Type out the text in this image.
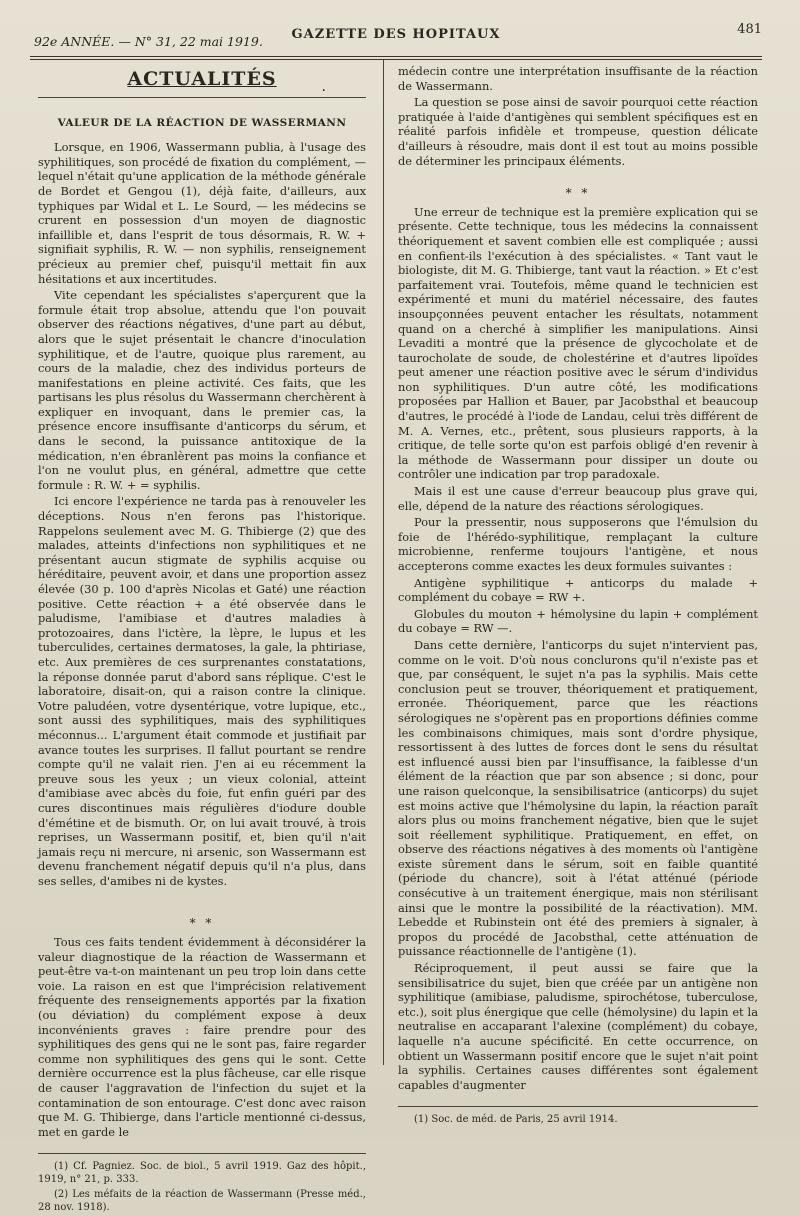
92e ANNÉE. — N° 31, 22 mai 1919.	GAZETTE DES HOPITAUX	481
ACTUALITÉS	.
VALEUR DE LA RÉACTION DE WASSERMANN

Lorsque, en 1906, Wassermann publia, à l'usage des syphilitiques, son procédé de fixation du complément, — lequel n'était qu'une application de la méthode générale de Bordet et Gengou (1), déjà faite, d'ailleurs, aux typhiques par Widal et L. Le Sourd, — les médecins se crurent en possession d'un moyen de diagnostic infaillible et, dans l'esprit de tous désormais, R. W. + signifiait syphilis, R. W. — non syphilis, renseignement précieux au premier chef, puisqu'il mettait fin aux hésitations et aux incertitudes.

Vite cependant les spécialistes s'aperçurent que la formule était trop absolue, attendu que l'on pouvait observer des réactions négatives, d'une part au début, alors que le sujet présentait le chancre d'inoculation syphilitique, et de l'autre, quoique plus rarement, au cours de la maladie, chez des individus porteurs de manifestations en pleine activité. Ces faits, que les partisans les plus résolus du Wassermann cherchèrent à expliquer en invoquant, dans le premier cas, la présence encore insuffisante d'anticorps du sérum, et dans le second, la puissance antitoxique de la médication, n'en ébranlèrent pas moins la confiance et l'on ne voulut plus, en général, admettre que cette formule : R. W. + = syphilis.

Ici encore l'expérience ne tarda pas à renouveler les déceptions. Nous n'en ferons pas l'historique. Rappelons seulement avec M. G. Thibierge (2) que des malades, atteints d'infections non syphilitiques et ne présentant aucun stigmate de syphilis acquise ou héréditaire, peuvent avoir, et dans une proportion assez élevée (30 p. 100 d'après Nicolas et Gaté) une réaction positive. Cette réaction + a été observée dans le paludisme, l'amibiase et d'autres maladies à protozoaires, dans l'ictère, la lèpre, le lupus et les tuberculides, certaines dermatoses, la gale, la phtiriase, etc. Aux premières de ces surprenantes constatations, la réponse donnée parut d'abord sans réplique. C'est le laboratoire, disait-on, qui a raison contre la clinique. Votre paludéen, votre dysentérique, votre lupique, etc., sont aussi des syphilitiques, mais des syphilitiques méconnus... L'argument était commode et justifiait par avance toutes les surprises. Il fallut pourtant se rendre compte qu'il ne valait rien. J'en ai eu récemment la preuve sous les yeux ; un vieux colonial, atteint d'amibiase avec abcès du foie, fut enfin guéri par des cures discontinues mais régulières d'iodure double d'émétine et de bismuth. Or, on lui avait trouvé, à trois reprises, un Wassermann positif, et, bien qu'il n'ait jamais reçu ni mercure, ni arsenic, son Wassermann est devenu franchement négatif depuis qu'il n'a plus, dans ses selles, d'amibes ni de kystes.

* *

Tous ces faits tendent évidemment à déconsidérer la valeur diagnostique de la réaction de Wassermann et peut-être va-t-on maintenant un peu trop loin dans cette voie. La raison en est que l'imprécision relativement fréquente des renseignements apportés par la fixation (ou déviation) du complément expose à deux inconvénients graves : faire prendre pour des syphilitiques des gens qui ne le sont pas, faire regarder comme non syphilitiques des gens qui le sont. Cette dernière occurrence est la plus fâcheuse, car elle risque de causer l'aggravation de l'infection du sujet et la contamination de son entourage. C'est donc avec raison que M. G. Thibierge, dans l'article mentionné ci-dessus, met en garde le

(1) Cf. Pagniez. Soc. de biol., 5 avril 1919. Gaz des hôpit., 1919, n° 21, p. 333.

(2) Les méfaits de la réaction de Wassermann (Presse méd., 28 nov. 1918).

médecin contre une interprétation insuffisante de la réaction de Wassermann.

La question se pose ainsi de savoir pourquoi cette réaction pratiquée à l'aide d'antigènes qui semblent spécifiques est en réalité parfois infidèle et trompeuse, question délicate d'ailleurs à résoudre, mais dont il est tout au moins possible de déterminer les principaux éléments.

* *

Une erreur de technique est la première explication qui se présente. Cette technique, tous les médecins la connaissent théoriquement et savent combien elle est compliquée ; aussi en confient-ils l'exécution à des spécialistes. « Tant vaut le biologiste, dit M. G. Thibierge, tant vaut la réaction. » Et c'est parfaitement vrai. Toutefois, même quand le technicien est expérimenté et muni du matériel nécessaire, des fautes insoupçonnées peuvent entacher les résultats, notamment quand on a cherché à simplifier les manipulations. Ainsi Levaditi a montré que la présence de glycocholate et de taurocholate de soude, de cholestérine et d'autres lipoïdes peut amener une réaction positive avec le sérum d'individus non syphilitiques. D'un autre côté, les modifications proposées par Hallion et Bauer, par Jacobsthal et beaucoup d'autres, le procédé à l'iode de Landau, celui très différent de M. A. Vernes, etc., prêtent, sous plusieurs rapports, à la critique, de telle sorte qu'on est parfois obligé d'en revenir à la méthode de Wassermann pour dissiper un doute ou contrôler une indication par trop paradoxale.

Mais il est une cause d'erreur beaucoup plus grave qui, elle, dépend de la nature des réactions sérologiques.

Pour la pressentir, nous supposerons que l'émulsion du foie de l'hérédo-syphilitique, remplaçant la culture microbienne, renferme toujours l'antigène, et nous accepterons comme exactes les deux formules suivantes :

Antigène syphilitique + anticorps du malade + complément du cobaye = RW +.

Globules du mouton + hémolysine du lapin + complément du cobaye = RW —.

Dans cette dernière, l'anticorps du sujet n'intervient pas, comme on le voit. D'où nous conclurons qu'il n'existe pas et que, par conséquent, le sujet n'a pas la syphilis. Mais cette conclusion peut se trouver, théoriquement et pratiquement, erronée. Théoriquement, parce que les réactions sérologiques ne s'opèrent pas en proportions définies comme les combinaisons chimiques, mais sont d'ordre physique, ressortissent à des luttes de forces dont le sens du résultat est influencé aussi bien par l'insuffisance, la faiblesse d'un élément de la réaction que par son absence ; si donc, pour une raison quelconque, la sensibilisatrice (anticorps) du sujet est moins active que l'hémolysine du lapin, la réaction paraît alors plus ou moins franchement négative, bien que le sujet soit réellement syphilitique. Pratiquement, en effet, on observe des réactions négatives à des moments où l'antigène existe sûrement dans le sérum, soit en faible quantité (période du chancre), soit à l'état atténué (période consécutive à un traitement énergique, mais non stérilisant ainsi que le montre la possibilité de la réactivation). MM. Lebedde et Rubinstein ont été des premiers à signaler, à propos du procédé de Jacobsthal, cette atténuation de puissance réactionnelle de l'antigène (1).

Réciproquement, il peut aussi se faire que la sensibilisatrice du sujet, bien que créée par un antigène non syphilitique (amibiase, paludisme, spirochétose, tuberculose, etc.), soit plus énergique que celle (hémolysine) du lapin et la neutralise en accaparant l'alexine (complément) du cobaye, laquelle n'a aucune spécificité. En cette occurrence, on obtient un Wassermann positif encore que le sujet n'ait point la syphilis. Certaines causes différentes sont également capables d'augmenter

(1) Soc. de méd. de Paris, 25 avril 1914.
